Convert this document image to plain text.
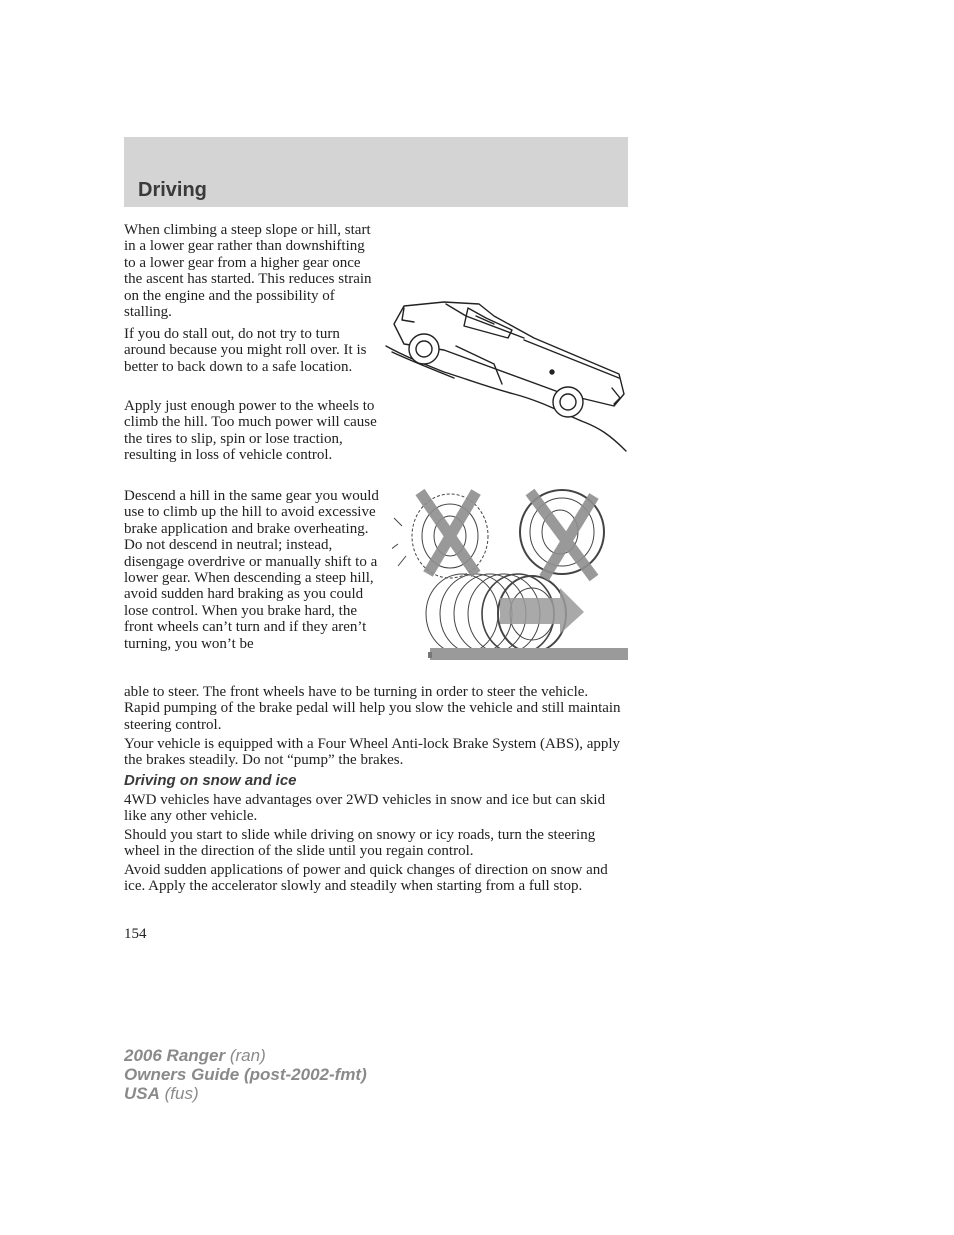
Driving

When climbing a steep slope or hill, start in a lower gear rather than downshifting to a lower gear from a higher gear once the ascent has started. This reduces strain on the engine and the possibility of stalling.

If you do stall out, do not try to turn around because you might roll over. It is better to back down to a safe location.

Apply just enough power to the wheels to climb the hill. Too much power will cause the tires to slip, spin or lose traction, resulting in loss of vehicle control.

Descend a hill in the same gear you would use to climb up the hill to avoid excessive brake application and brake overheating. Do not descend in neutral; instead, disengage overdrive or manually shift to a lower gear. When descending a steep hill, avoid sudden hard braking as you could lose control. When you brake hard, the front wheels can’t turn and if they aren’t turning, you won’t be

able to steer. The front wheels have to be turning in order to steer the vehicle. Rapid pumping of the brake pedal will help you slow the vehicle and still maintain steering control.

Your vehicle is equipped with a Four Wheel Anti-lock Brake System (ABS), apply the brakes steadily. Do not “pump” the brakes.

Driving on snow and ice

4WD vehicles have advantages over 2WD vehicles in snow and ice but can skid like any other vehicle.

Should you start to slide while driving on snowy or icy roads, turn the steering wheel in the direction of the slide until you regain control.

Avoid sudden applications of power and quick changes of direction on snow and ice. Apply the accelerator slowly and steadily when starting from a full stop.

154
2006 Ranger (ran)
Owners Guide (post-2002-fmt)
USA (fus)
